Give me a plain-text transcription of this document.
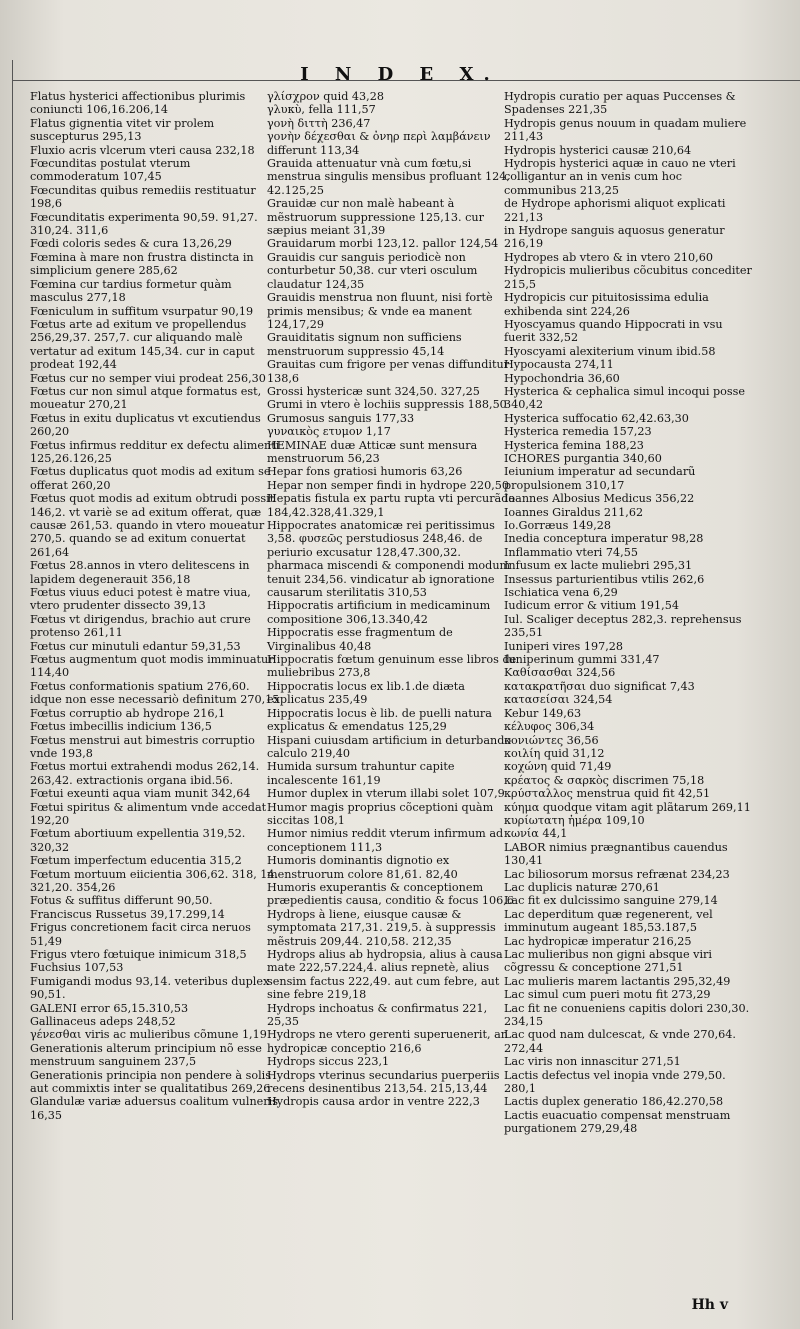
I N D E X.
Flatus hysterici affectionibus plurimis coniuncti 106,16.206,14
Flatus gignentia vitet vir prolem suscepturus 295,13
Fluxio acris vlcerum vteri causa 232,18
Fœcunditas postulat vterum commoderatum 107,45
Fœcunditas quibus remediis restituatur 198,6
Fœcunditatis experimenta 90,59. 91,27. 310,24. 311,6
Fœdi coloris sedes & cura 13,26,29
Fœmina à mare non frustra distincta in simplicium genere 285,62
Fœmina cur tardius formetur quàm masculus 277,18
Fœniculum in suffitum vsurpatur 90,19
Fœtus arte ad exitum ve propellendus 256,29,37. 257,7. cur aliquando malè vertatur ad exitum 145,34. cur in caput prodeat 192,44
Fœtus cur no semper viui prodeat 256,30
Fœtus cur non simul atque formatus est, moueatur 270,21
Fœtus in exitu duplicatus vt excutiendus 260,20
Fœtus infirmus redditur ex defectu alimenti 125,26.126,25
Fœtus duplicatus quot modis ad exitum se offerat 260,20
Fœtus quot modis ad exitum obtrudi possit 146,2. vt variè se ad exitum offerat, quæ causæ 261,53. quando in vtero moueatur 270,5. quando se ad exitum conuertat 261,64
Fœtus 28.annos in vtero delitescens in lapidem degenerauit 356,18
Fœtus viuus educi potest è matre viua, vtero prudenter dissecto 39,13
Fœtus vt dirigendus, brachio aut crure protenso 261,11
Fœtus cur minutuli edantur 59,31,53
Fœtus augmentum quot modis imminuatur 114,40
Fœtus conformationis spatium 276,60. idque non esse necessariò definitum 270,15
Fœtus corruptio ab hydrope 216,1
Fœtus imbecillis indicium 136,5
Fœtus menstrui aut bimestris corruptio vnde 193,8
Fœtus mortui extrahendi modus 262,14. 263,42. extractionis organa ibid.56.
Fœtui exeunti aqua viam munit 342,64
Fœtui spiritus & alimentum vnde accedat 192,20
Fœtum abortiuum expellentia 319,52. 320,32
Fœtum imperfectum educentia 315,2
Fœtum mortuum eiicientia 306,62. 318, 14. 321,20. 354,26
Fotus & suffitus differunt 90,50.
Franciscus Russetus 39,17.299,14
Frigus concretionem facit circa neruos 51,49
Frigus vtero fœtuique inimicum 318,5
Fuchsius 107,53
Fumigandi modus 93,14. veteribus duplex 90,51.
GALENI error 65,15.310,53
Gallinaceus adeps 248,52
γένεσθαι viris ac mulieribus cõmune 1,19
Generationis alterum principium nõ esse menstruum sanguinem 237,5
Generationis principia non pendere à solis aut commixtis inter se qualitatibus 269,26
Glandulæ variæ aduersus coalitum vulneris 16,35
γλίσχρον quid 43,28
γλυκὺ, fella 111,57
γονὴ διττὴ 236,47
γονὴν δέχεσθαι & ὀνηρ περὶ λαμβάνειν differunt 113,34
Grauida attenuatur vnà cum fœtu,si menstrua singulis mensibus profluant 124, 42.125,25
Grauidæ cur non malè habeant à mẽstruorum suppressione 125,13. cur sæpius meiant 31,39
Grauidarum morbi 123,12. pallor 124,54
Grauidis cur sanguis periodicè non conturbetur 50,38. cur vteri osculum claudatur 124,35
Grauidis menstrua non fluunt, nisi fortè primis mensibus; & vnde ea manent 124,17,29
Grauiditatis signum non sufficiens menstruorum suppressio 45,14
Grauitas cum frigore per venas diffunditur 138,6
Grossi hystericæ sunt 324,50. 327,25
Grumi in vtero è lochiis suppressis 188,50
Grumosus sanguis 177,33
γυναικὸς ετυμον 1,17
HEMINAE duæ Atticæ sunt mensura menstruorum 56,23
Hepar fons gratiosi humoris 63,26
Hepar non semper findi in hydrope 220,50
Hepatis fistula ex partu rupta vti percurãda 184,42.328,41.329,1
Hippocrates anatomicæ rei peritissimus 3,58. φυσεῶς perstudiosus 248,46. de periurio excusatur 128,47.300,32. pharmaca miscendi & componendi modum tenuit 234,56. vindicatur ab ignoratione causarum sterilitatis 310,53
Hippocratis artificium in medicaminum compositione 306,13.340,42
Hippocratis esse fragmentum de Virginalibus 40,48
Hippocratis fœtum genuinum esse libros de muliebribus 273,8
Hippocratis locus ex lib.1.de diæta explicatus 235,49
Hippocratis locus è lib. de puelli natura explicatus & emendatus 125,29
Hispani cuiusdam artificium in deturbando calculo 219,40
Humida sursum trahuntur capite incalescente 161,19
Humor duplex in vterum illabi solet 107,9
Humor magis proprius cõceptioni quàm siccitas 108,1
Humor nimius reddit vterum infirmum ad conceptionem 111,3
Humoris dominantis dignotio ex menstruorum colore 81,61. 82,40
Humoris exuperantis & conceptionem præpedientis causa, conditio & focus 106,6
Hydrops à liene, eiusque causæ & symptomata 217,31. 219,5. à suppressis mẽstruis 209,44. 210,58. 212,35
Hydrops alius ab hydropsia, alius à causa mate 222,57.224,4. alius repnetè, alius sensim factus 222,49. aut cum febre, aut sine febre 219,18
Hydrops inchoatus & confirmatus 221, 25,35
Hydrops ne vtero gerenti superuenerit, an hydropicæ conceptio 216,6
Hydrops siccus 223,1
Hydrops vterinus secundarius puerperiis recens desinentibus 213,54. 215,13,44
Hydropis causa ardor in ventre 222,3
Hydropis curatio per aquas Puccenses & Spadenses 221,35
Hydropis genus nouum in quadam muliere 211,43
Hydropis hysterici causæ 210,64
Hydropis hysterici aquæ in cauo ne vteri colligantur an in venis cum hoc communibus 213,25
de Hydrope aphorismi aliquot explicati 221,13
in Hydrope sanguis aquosus generatur 216,19
Hydropes ab vtero & in vtero 210,60
Hydropicis mulieribus cõcubitus concediter 215,5
Hydropicis cur pituitosissima edulia exhibenda sint 224,26
Hyoscyamus quando Hippocrati in vsu fuerit 332,52
Hyoscyami alexiterium vinum ibid.58
Hypocausta 274,11
Hypochondria 36,60
Hysterica & cephalica simul incoqui posse 340,42
Hysterica suffocatio 62,42.63,30
Hysterica remedia 157,23
Hysterica femina 188,23
ICHORES purgantia 340,60
Ieiunium imperatur ad secundarũ propulsionem 310,17
Ioannes Albosius Medicus 356,22
Ioannes Giraldus 211,62
Io.Gorræus 149,28
Inedia conceptura imperatur 98,28
Inflammatio vteri 74,55
Infusum ex lacte muliebri 295,31
Insessus parturientibus vtilis 262,6
Ischiatica vena 6,29
Iudicum error & vitium 191,54
Iul. Scaliger deceptus 282,3. reprehensus 235,51
Iuniperi vires 197,28
Iuniperinum gummi 331,47
Καθίσασθαι 324,56
κατακρατῆσαι duo significat 7,43
κατασείσαι 324,54
Kebur 149,63
κέλυφος 306,34
κονιώντες 36,56
κοιλίη quid 31,12
κοχώνη quid 71,49
κρέατος & σαρκὸς discrimen 75,18
κρύσταλλος menstrua quid fit 42,51
κύημα quodque vitam agit plãtarum 269,11
κυρίωτατη ἡμέρα 109,10
κωνία 44,1
LABOR nimius prægnantibus cauendus 130,41
Lac biliosorum morsus refrænat 234,23
Lac duplicis naturæ 270,61
Lac fit ex dulcissimo sanguine 279,14
Lac deperditum quæ regenerent, vel imminutum augeant 185,53.187,5
Lac hydropicæ imperatur 216,25
Lac mulieribus non gigni absque viri cõgressu & conceptione 271,51
Lac mulieris marem lactantis 295,32,49
Lac simul cum pueri motu fit 273,29
Lac fit ne conueniens capitis dolori 230,30. 234,15
Lac quod nam dulcescat, & vnde 270,64. 272,44
Lac viris non innascitur 271,51
Lactis defectus vel inopia vnde 279,50. 280,1
Lactis duplex generatio 186,42.270,58
Lactis euacuatio compensat menstruam purgationem 279,29,48
Hh v
